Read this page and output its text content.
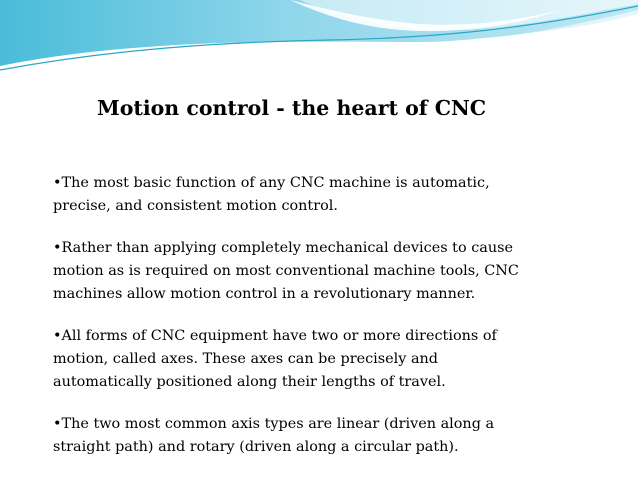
Motion control - the heart of CNC

•The most basic function of any CNC machine is automatic,
precise, and consistent motion control.

•Rather than applying completely mechanical devices to cause
motion as is required on most conventional machine tools, CNC
machines allow motion control in a revolutionary manner.

•All forms of CNC equipment have two or more directions of
motion, called axes. These axes can be precisely and
automatically positioned along their lengths of travel.

•The two most common axis types are linear (driven along a
straight path) and rotary (driven along a circular path).
